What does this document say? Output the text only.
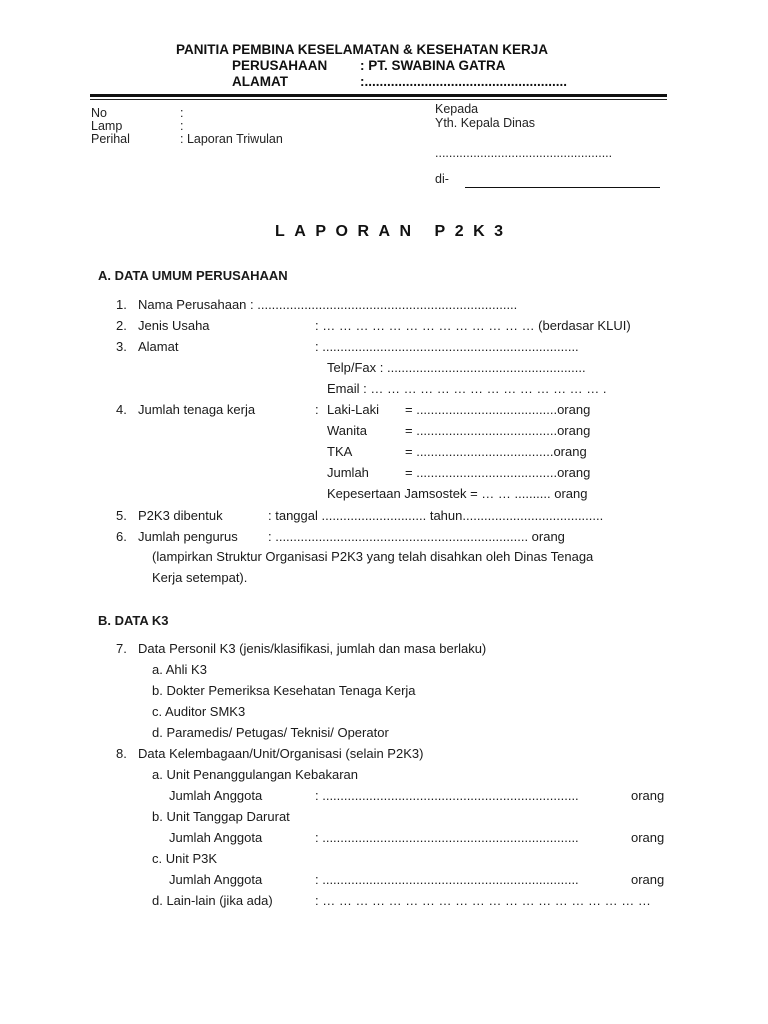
PANITIA PEMBINA KESELAMATAN & KESEHATAN KERJA
PERUSAHAAN : PT. SWABINA GATRA
ALAMAT	:......................................................
No	:
Lamp	:
Perihal	: Laporan Triwulan
Kepada
Yth. Kepala Dinas
...................................................
di-
LAPORAN P2K3
A. DATA UMUM PERUSAHAAN
1. Nama Perusahaan : ........................................................................
2. Jenis Usaha	: … … … … … … … … … … … … … (berdasar KLUI)
3. Alamat	: .......................................................................
Telp/Fax : .......................................................
Email : … … … … … … … … … … … … … … .
4. Jumlah tenaga kerja	: Laki-Laki = .......................................orang
Wanita	= .......................................orang
TKA	= ......................................orang
Jumlah	= .......................................orang
Kepesertaan Jamsostek = … … .......... orang
5. P2K3 dibentuk	: tanggal ............................. tahun.......................................
6. Jumlah pengurus : ...................................................................... orang
(lampirkan Struktur Organisasi P2K3 yang telah disahkan oleh Dinas Tenaga
Kerja setempat).
B. DATA K3
7. Data Personil K3 (jenis/klasifikasi, jumlah dan masa berlaku)
a. Ahli K3
b. Dokter Pemeriksa Kesehatan Tenaga Kerja
c. Auditor SMK3
d. Paramedis/ Petugas/ Teknisi/ Operator
8. Data Kelembagaan/Unit/Organisasi (selain P2K3)
a. Unit Penanggulangan Kebakaran
Jumlah Anggota	: .......................................................................	orang
b. Unit Tanggap Darurat
Jumlah Anggota	: .......................................................................	orang
c. Unit P3K
Jumlah Anggota	: .......................................................................	orang
d. Lain-lain (jika ada)	: … … … … … … … … … … … … … … … … … … … …
